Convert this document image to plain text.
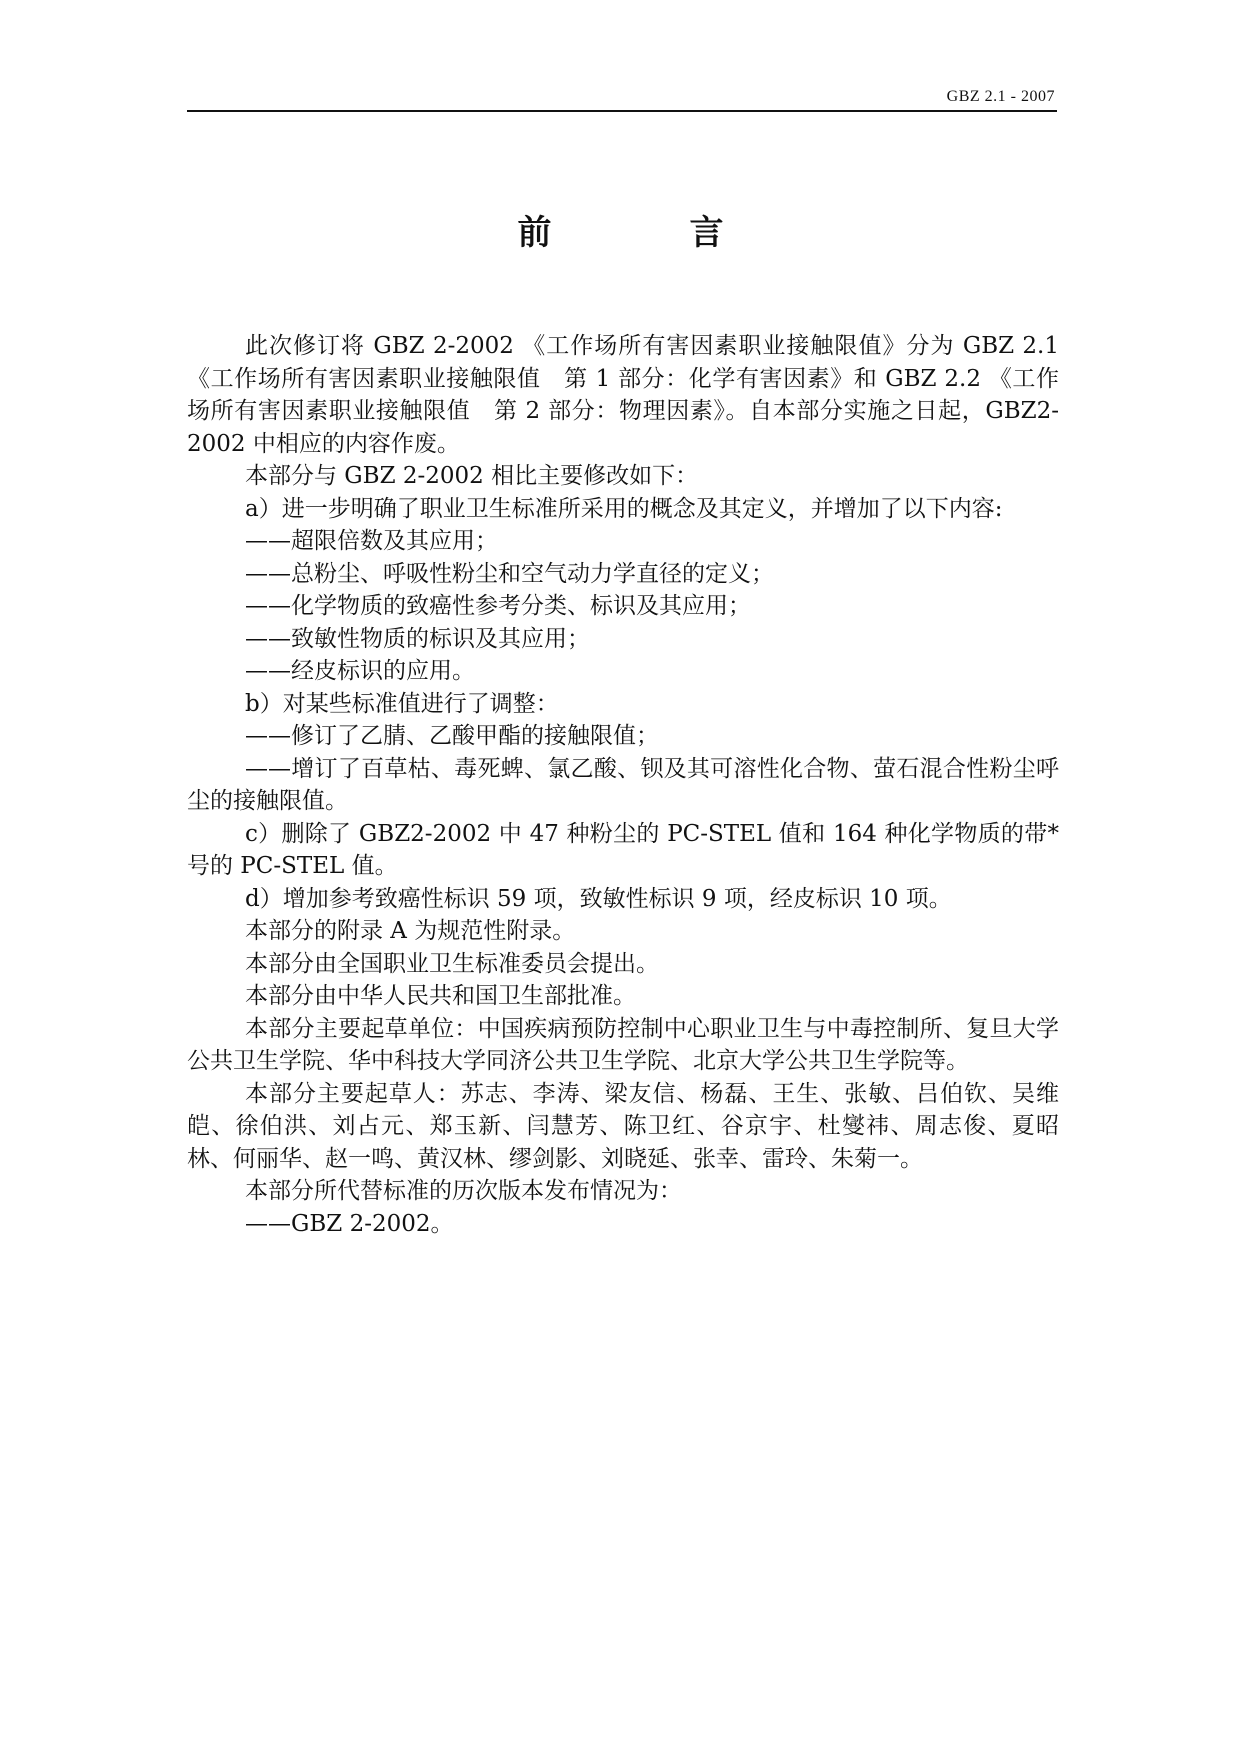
GBZ 2.1 - 2007
前　言

此次修订将 GBZ 2-2002 《工作场所有害因素职业接触限值》分为 GBZ 2.1《工作场所有害因素职业接触限值　第 1 部分：化学有害因素》和 GBZ 2.2 《工作场所有害因素职业接触限值　第 2 部分：物理因素》。自本部分实施之日起，GBZ2-2002 中相应的内容作废。

本部分与 GBZ 2-2002 相比主要修改如下：

a）进一步明确了职业卫生标准所采用的概念及其定义，并增加了以下内容:

——超限倍数及其应用；

——总粉尘、呼吸性粉尘和空气动力学直径的定义；

——化学物质的致癌性参考分类、标识及其应用；

——致敏性物质的标识及其应用；

——经皮标识的应用。

b）对某些标准值进行了调整：

——修订了乙腈、乙酸甲酯的接触限值；

——增订了百草枯、毒死蜱、氯乙酸、钡及其可溶性化合物、萤石混合性粉尘呼尘的接触限值。

c）删除了 GBZ2-2002 中 47 种粉尘的 PC-STEL 值和 164 种化学物质的带*号的 PC-STEL 值。

d）增加参考致癌性标识 59 项，致敏性标识 9 项，经皮标识 10 项。

本部分的附录 A 为规范性附录。

本部分由全国职业卫生标准委员会提出。

本部分由中华人民共和国卫生部批准。

本部分主要起草单位：中国疾病预防控制中心职业卫生与中毒控制所、复旦大学公共卫生学院、华中科技大学同济公共卫生学院、北京大学公共卫生学院等。

本部分主要起草人：苏志、李涛、梁友信、杨磊、王生、张敏、吕伯钦、吴维皑、徐伯洪、刘占元、郑玉新、闫慧芳、陈卫红、谷京宇、杜燮祎、周志俊、夏昭林、何丽华、赵一鸣、黄汉林、缪剑影、刘晓延、张幸、雷玲、朱菊一。

本部分所代替标准的历次版本发布情况为：

——GBZ 2-2002。
